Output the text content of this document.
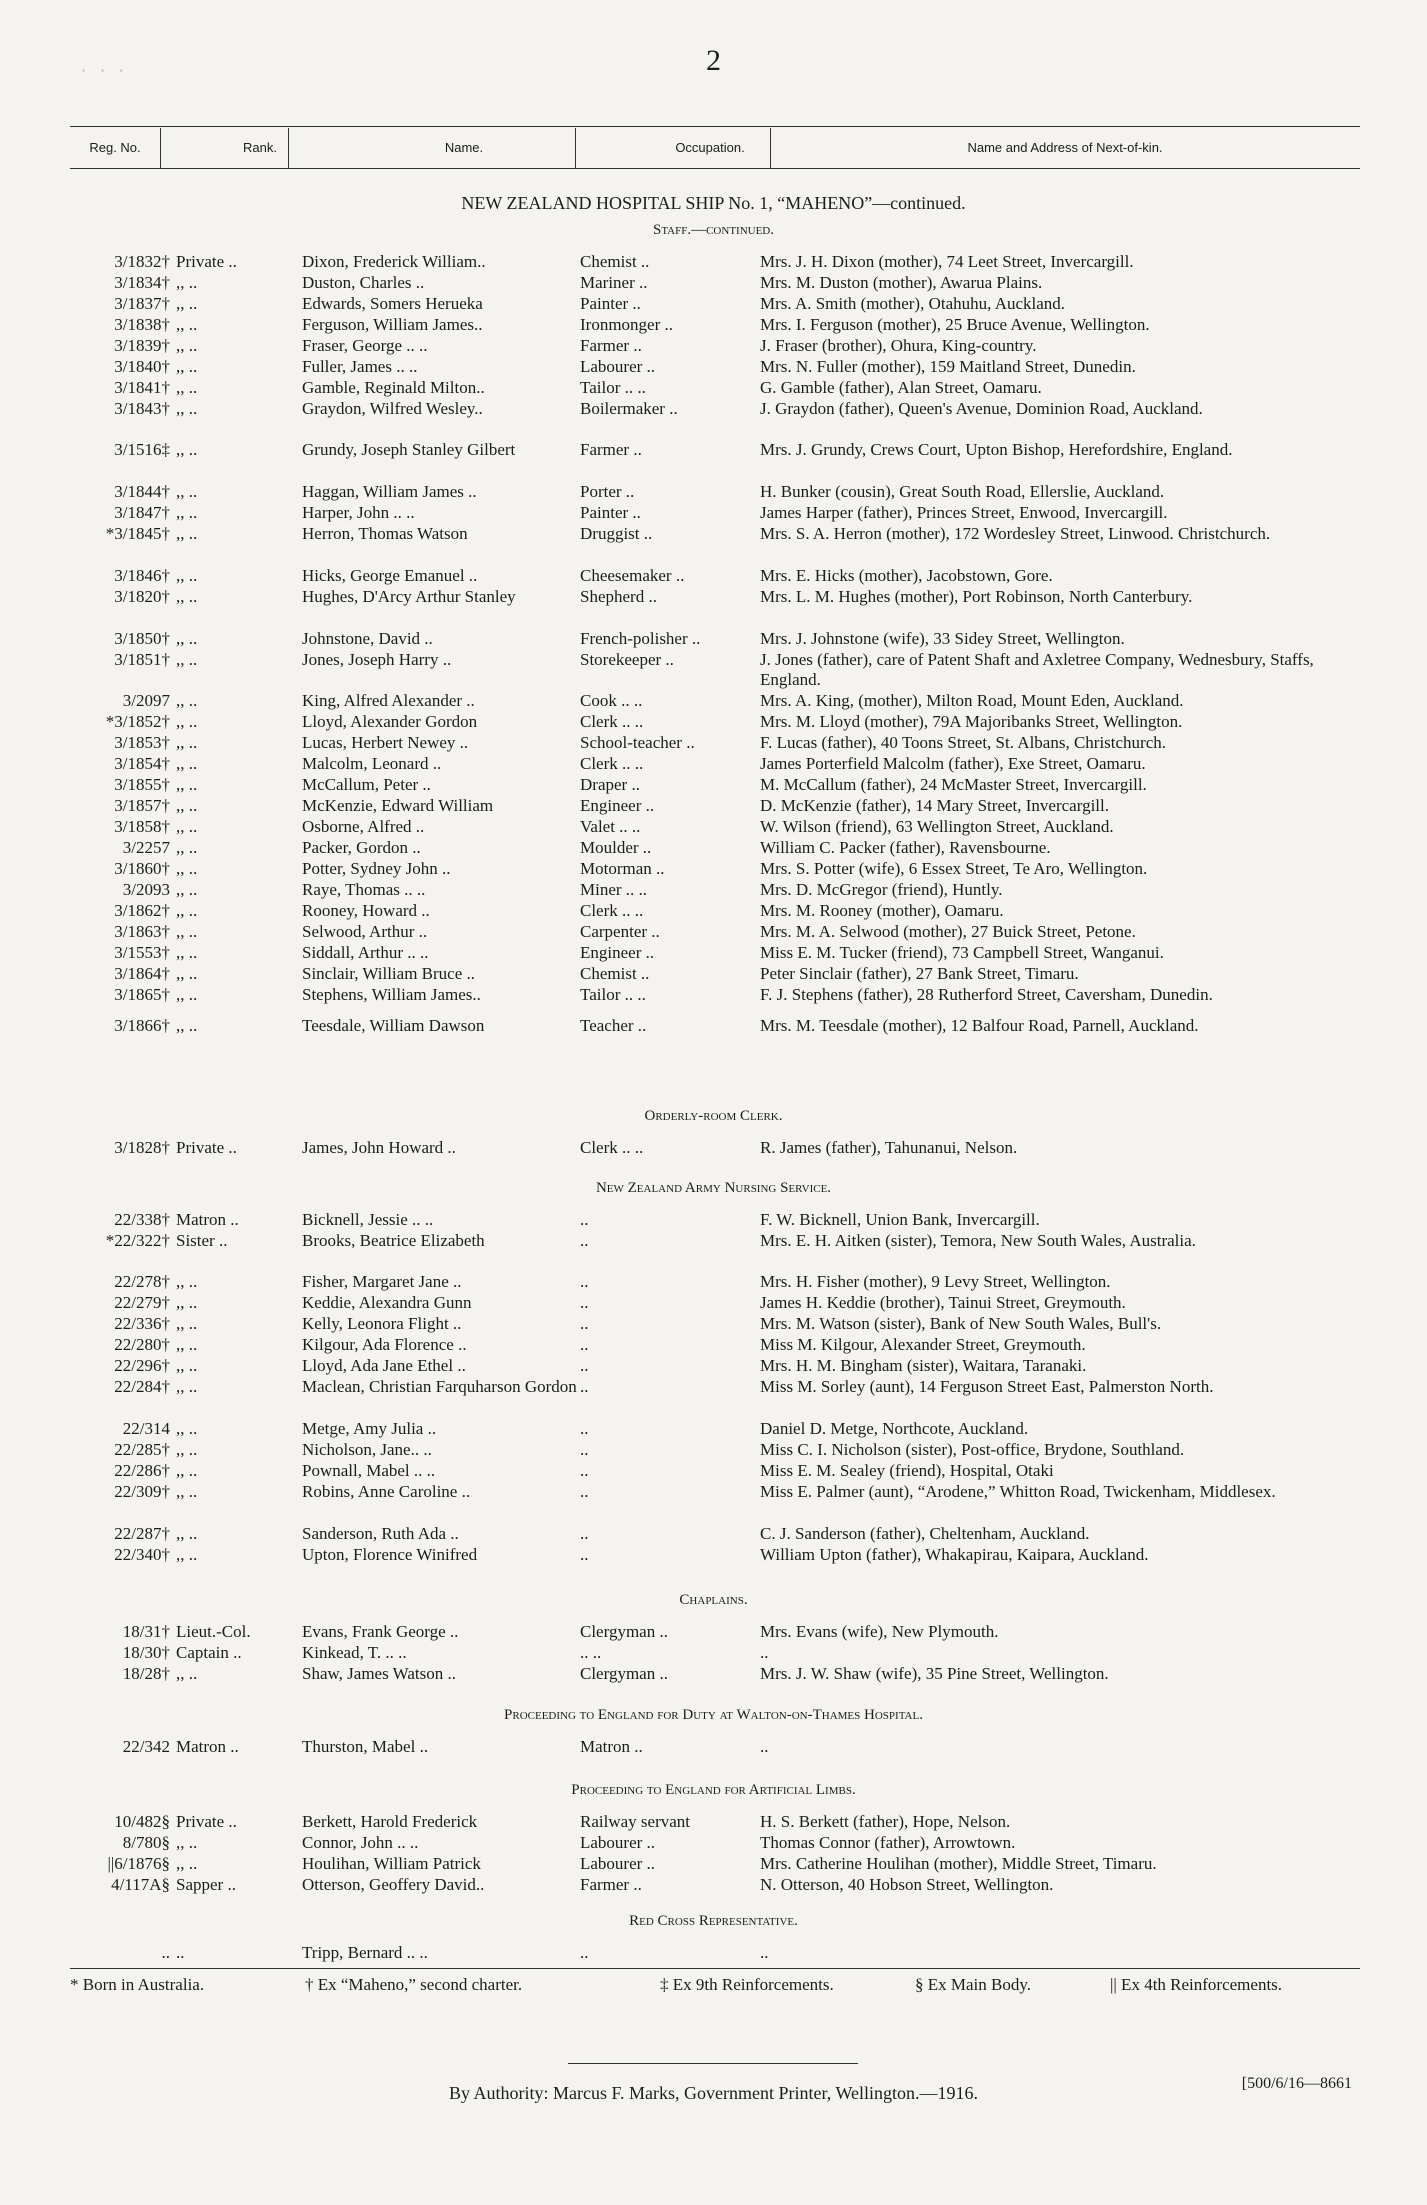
· · ·	2
Reg. No.	Rank.	Name.	Occupation.	Name and Address of Next-of-kin.
NEW ZEALAND HOSPITAL SHIP No. 1, “MAHENO”—continued.
Staff.—continued.
3/1832† Private ..	Dixon, Frederick William..	Chemist ..	Mrs. J. H. Dixon (mother), 74 Leet Street, Invercargill.
3/1834† ,, ..	Duston, Charles ..	Mariner ..	Mrs. M. Duston (mother), Awarua Plains.
3/1837† ,, ..	Edwards, Somers Herueka	Painter ..	Mrs. A. Smith (mother), Otahuhu, Auckland.
3/1838† ,, ..	Ferguson, William James..	Ironmonger ..	Mrs. I. Ferguson (mother), 25 Bruce Avenue, Wellington.
3/1839† ,, ..	Fraser, George .. ..	Farmer ..	J. Fraser (brother), Ohura, King-country.
3/1840† ,, ..	Fuller, James .. ..	Labourer ..	Mrs. N. Fuller (mother), 159 Maitland Street, Dunedin.
3/1841† ,, ..	Gamble, Reginald Milton..	Tailor .. ..	G. Gamble (father), Alan Street, Oamaru.
3/1843† ,, ..	Graydon, Wilfred Wesley..	Boilermaker ..	J. Graydon (father), Queen's Avenue, Dominion Road, Auckland.
3/1516‡ ,, ..	Grundy, Joseph Stanley Gilbert	Farmer ..	Mrs. J. Grundy, Crews Court, Upton Bishop, Herefordshire, England.
3/1844† ,, ..	Haggan, William James ..	Porter ..	H. Bunker (cousin), Great South Road, Ellerslie, Auckland.
3/1847† ,, ..	Harper, John .. ..	Painter ..	James Harper (father), Princes Street, Enwood, Invercargill.
*3/1845† ,, ..	Herron, Thomas Watson	Druggist ..	Mrs. S. A. Herron (mother), 172 Wordesley Street, Linwood. Christchurch.
3/1846† ,, ..	Hicks, George Emanuel ..	Cheesemaker ..	Mrs. E. Hicks (mother), Jacobstown, Gore.
3/1820† ,, ..	Hughes, D'Arcy Arthur Stanley	Shepherd ..	Mrs. L. M. Hughes (mother), Port Robinson, North Canterbury.
3/1850† ,, ..	Johnstone, David ..	French-polisher ..	Mrs. J. Johnstone (wife), 33 Sidey Street, Wellington.
3/1851† ,, ..	Jones, Joseph Harry ..	Storekeeper ..	J. Jones (father), care of Patent Shaft and Axletree Company, Wednesbury, Staffs, England.
3/2097 ,, ..	King, Alfred Alexander ..	Cook .. ..	Mrs. A. King, (mother), Milton Road, Mount Eden, Auckland.
*3/1852† ,, ..	Lloyd, Alexander Gordon	Clerk .. ..	Mrs. M. Lloyd (mother), 79A Majoribanks Street, Wellington.
3/1853† ,, ..	Lucas, Herbert Newey ..	School-teacher ..	F. Lucas (father), 40 Toons Street, St. Albans, Christchurch.
3/1854† ,, ..	Malcolm, Leonard ..	Clerk .. ..	James Porterfield Malcolm (father), Exe Street, Oamaru.
3/1855† ,, ..	McCallum, Peter ..	Draper ..	M. McCallum (father), 24 McMaster Street, Invercargill.
3/1857† ,, ..	McKenzie, Edward William	Engineer ..	D. McKenzie (father), 14 Mary Street, Invercargill.
3/1858† ,, ..	Osborne, Alfred ..	Valet .. ..	W. Wilson (friend), 63 Wellington Street, Auckland.
3/2257 ,, ..	Packer, Gordon ..	Moulder ..	William C. Packer (father), Ravensbourne.
3/1860† ,, ..	Potter, Sydney John ..	Motorman ..	Mrs. S. Potter (wife), 6 Essex Street, Te Aro, Wellington.
3/2093 ,, ..	Raye, Thomas .. ..	Miner .. ..	Mrs. D. McGregor (friend), Huntly.
3/1862† ,, ..	Rooney, Howard ..	Clerk .. ..	Mrs. M. Rooney (mother), Oamaru.
3/1863† ,, ..	Selwood, Arthur ..	Carpenter ..	Mrs. M. A. Selwood (mother), 27 Buick Street, Petone.
3/1553† ,, ..	Siddall, Arthur .. ..	Engineer ..	Miss E. M. Tucker (friend), 73 Campbell Street, Wanganui.
3/1864† ,, ..	Sinclair, William Bruce ..	Chemist ..	Peter Sinclair (father), 27 Bank Street, Timaru.
3/1865† ,, ..	Stephens, William James..	Tailor .. ..	F. J. Stephens (father), 28 Rutherford Street, Caversham, Dunedin.
3/1866† ,, ..	Teesdale, William Dawson	Teacher ..	Mrs. M. Teesdale (mother), 12 Balfour Road, Parnell, Auckland.
Orderly-room Clerk.
3/1828† Private ..	James, John Howard ..	Clerk .. ..	R. James (father), Tahunanui, Nelson.
New Zealand Army Nursing Service.
22/338† Matron ..	Bicknell, Jessie .. ..	..	F. W. Bicknell, Union Bank, Invercargill.
*22/322† Sister ..	Brooks, Beatrice Elizabeth	..	Mrs. E. H. Aitken (sister), Temora, New South Wales, Australia.
22/278† ,, ..	Fisher, Margaret Jane ..	..	Mrs. H. Fisher (mother), 9 Levy Street, Wellington.
22/279† ,, ..	Keddie, Alexandra Gunn	..	James H. Keddie (brother), Tainui Street, Greymouth.
22/336† ,, ..	Kelly, Leonora Flight ..	..	Mrs. M. Watson (sister), Bank of New South Wales, Bull's.
22/280† ,, ..	Kilgour, Ada Florence ..	..	Miss M. Kilgour, Alexander Street, Greymouth.
22/296† ,, ..	Lloyd, Ada Jane Ethel ..	..	Mrs. H. M. Bingham (sister), Waitara, Taranaki.
22/284† ,, ..	Maclean, Christian Farquharson Gordon ..	Miss M. Sorley (aunt), 14 Ferguson Street East, Palmerston North.
22/314 ,, ..	Metge, Amy Julia ..	..	Daniel D. Metge, Northcote, Auckland.
22/285† ,, ..	Nicholson, Jane.. ..	..	Miss C. I. Nicholson (sister), Post-office, Brydone, Southland.
22/286† ,, ..	Pownall, Mabel .. ..	..	Miss E. M. Sealey (friend), Hospital, Otaki
22/309† ,, ..	Robins, Anne Caroline ..	..	Miss E. Palmer (aunt), “Arodene,” Whitton Road, Twickenham, Middlesex.
22/287† ,, ..	Sanderson, Ruth Ada ..	..	C. J. Sanderson (father), Cheltenham, Auckland.
22/340† ,, ..	Upton, Florence Winifred	..	William Upton (father), Whakapirau, Kaipara, Auckland.
Chaplains.
18/31† Lieut.-Col.	Evans, Frank George ..	Clergyman ..	Mrs. Evans (wife), New Plymouth.
18/30† Captain ..	Kinkead, T. .. ..	.. ..	..
18/28† ,, ..	Shaw, James Watson ..	Clergyman ..	Mrs. J. W. Shaw (wife), 35 Pine Street, Wellington.
Proceeding to England for Duty at Walton-on-Thames Hospital.
22/342 Matron ..	Thurston, Mabel ..	Matron ..	..
Proceeding to England for Artificial Limbs.
10/482§ Private ..	Berkett, Harold Frederick	Railway servant	H. S. Berkett (father), Hope, Nelson.
8/780§ ,, ..	Connor, John .. ..	Labourer ..	Thomas Connor (father), Arrowtown.
||6/1876§ ,, ..	Houlihan, William Patrick	Labourer ..	Mrs. Catherine Houlihan (mother), Middle Street, Timaru.
4/117A§ Sapper ..	Otterson, Geoffery David..	Farmer ..	N. Otterson, 40 Hobson Street, Wellington.
Red Cross Representative.
.. ..	Tripp, Bernard .. ..	..	..
* Born in Australia.	† Ex “Maheno,” second charter.	‡ Ex 9th Reinforcements.	§ Ex Main Body.	|| Ex 4th Reinforcements.
By Authority: Marcus F. Marks, Government Printer, Wellington.—1916.	[500/6/16—8661
